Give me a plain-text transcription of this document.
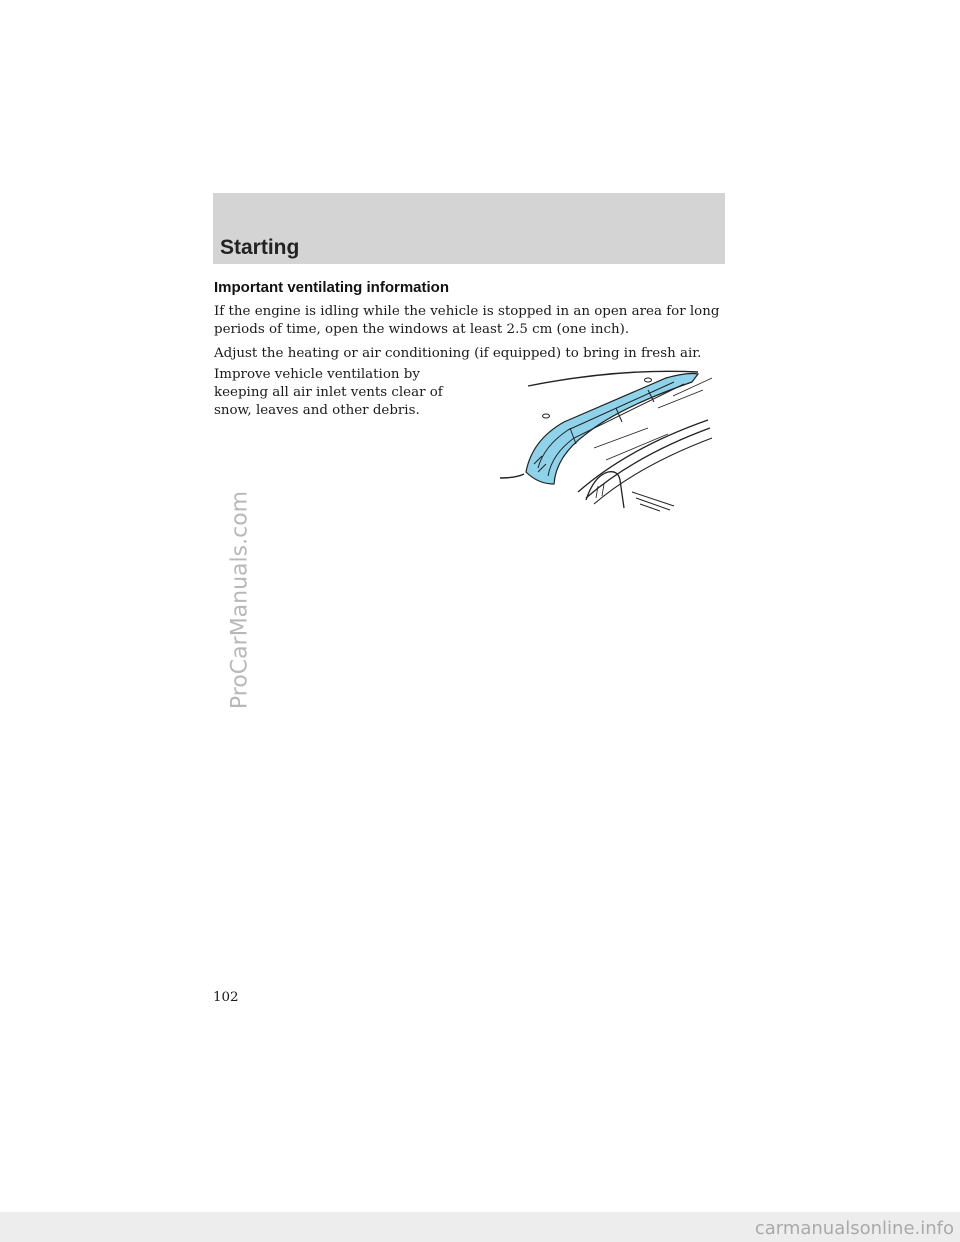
Starting
Important ventilating information

If the engine is idling while the vehicle is stopped in an open area for long periods of time, open the windows at least 2.5 cm (one inch).

Adjust the heating or air conditioning (if equipped) to bring in fresh air.

Improve vehicle ventilation by keeping all air inlet vents clear of snow, leaves and other debris.

102
ProCarManuals.com
carmanualsonline.info
